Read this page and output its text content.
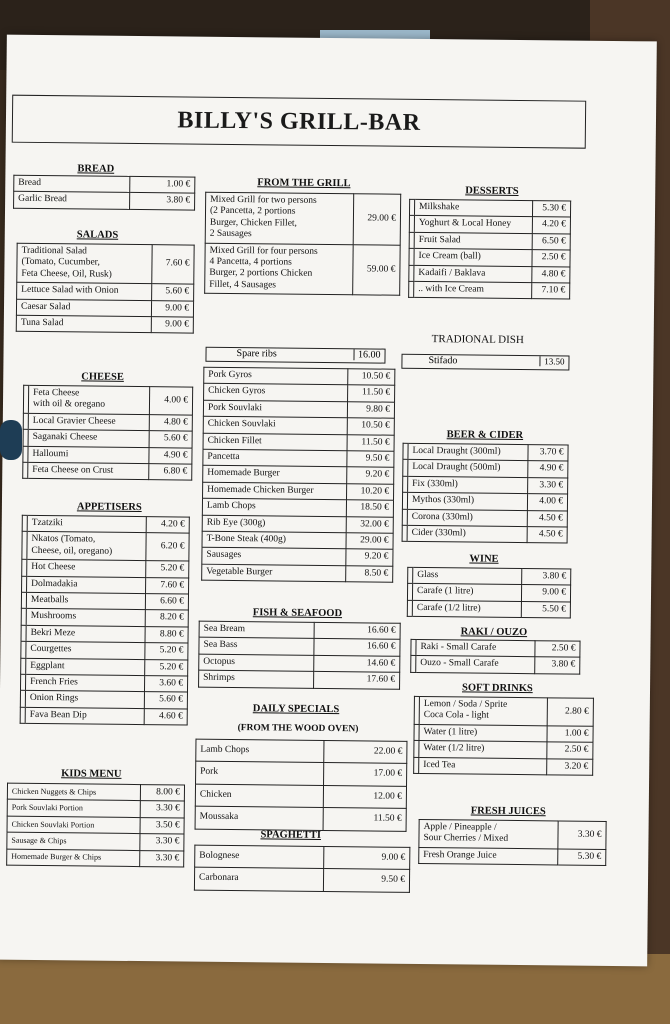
BILLY'S GRILL-BAR
BREAD
Bread	1.00 €
Garlic Bread	3.80 €
SALADS
Traditional Salad
(Tomato, Cucumber,
Feta Cheese, Oil, Rusk)	7.60 €
Lettuce Salad with Onion	5.60 €
Caesar Salad	9.00 €
Tuna Salad	9.00 €
CHEESE
	Feta Cheese
with oil & oregano	4.00 €
	Local Gravier Cheese	4.80 €
	Saganaki Cheese	5.60 €
	Halloumi	4.90 €
	Feta Cheese on Crust	6.80 €
APPETISERS
	Tzatziki	4.20 €
	Nkatos (Tomato,
Cheese, oil, oregano)	6.20 €
	Hot Cheese	5.20 €
	Dolmadakia	7.60 €
	Meatballs	6.60 €
	Mushrooms	8.20 €
	Bekri Meze	8.80 €
	Courgettes	5.20 €
	Eggplant	5.20 €
	French Fries	3.60 €
	Onion Rings	5.60 €
	Fava Bean Dip	4.60 €
KIDS MENU
Chicken Nuggets & Chips	8.00 €
Pork Souvlaki Portion	3.30 €
Chicken Souvlaki Portion	3.50 €
Sausage & Chips	3.30 €
Homemade Burger & Chips	3.30 €
FROM THE GRILL
Mixed Grill for two persons
(2 Pancetta, 2 portions
Burger, Chicken Fillet,
2 Sausages	29.00 €
Mixed Grill for four persons
4 Pancetta, 4 portions
Burger, 2 portions Chicken
Fillet, 4 Sausages	59.00 €
Spare ribs	16.00
Pork Gyros	10.50 €
Chicken Gyros	11.50 €
Pork Souvlaki	9.80 €
Chicken Souvlaki	10.50 €
Chicken Fillet	11.50 €
Pancetta	9.50 €
Homemade Burger	9.20 €
Homemade Chicken Burger	10.20 €
Lamb Chops	18.50 €
Rib Eye (300g)	32.00 €
T-Bone Steak (400g)	29.00 €
Sausages	9.20 €
Vegetable Burger	8.50 €
FISH & SEAFOOD
Sea Bream	16.60 €
Sea Bass	16.60 €
Octopus	14.60 €
Shrimps	17.60 €
DAILY SPECIALS
(FROM THE WOOD OVEN)
Lamb Chops	22.00 €
Pork	17.00 €
Chicken	12.00 €
Moussaka	11.50 €
SPAGHETTI
Bolognese	9.00 €
Carbonara	9.50 €
DESSERTS
	Milkshake	5.30 €
	Yoghurt & Local Honey	4.20 €
	Fruit Salad	6.50 €
	Ice Cream (ball)	2.50 €
	Kadaifi / Baklava	4.80 €
	.. with Ice Cream	7.10 €
TRADIONAL DISH
Stifado	13.50
BEER & CIDER
	Local Draught (300ml)	3.70 €
	Local Draught (500ml)	4.90 €
	Fix (330ml)	3.30 €
	Mythos (330ml)	4.00 €
	Corona (330ml)	4.50 €
	Cider (330ml)	4.50 €
WINE
	Glass	3.80 €
	Carafe (1 litre)	9.00 €
	Carafe (1/2 litre)	5.50 €
RAKI / OUZO
	Raki - Small Carafe	2.50 €
	Ouzo - Small Carafe	3.80 €
SOFT DRINKS
	Lemon / Soda / Sprite
Coca Cola - light	2.80 €
	Water (1 litre)	1.00 €
	Water (1/2 litre)	2.50 €
	Iced Tea	3.20 €
FRESH JUICES
Apple / Pineapple /
Sour Cherries / Mixed	3.30 €
Fresh Orange Juice	5.30 €
